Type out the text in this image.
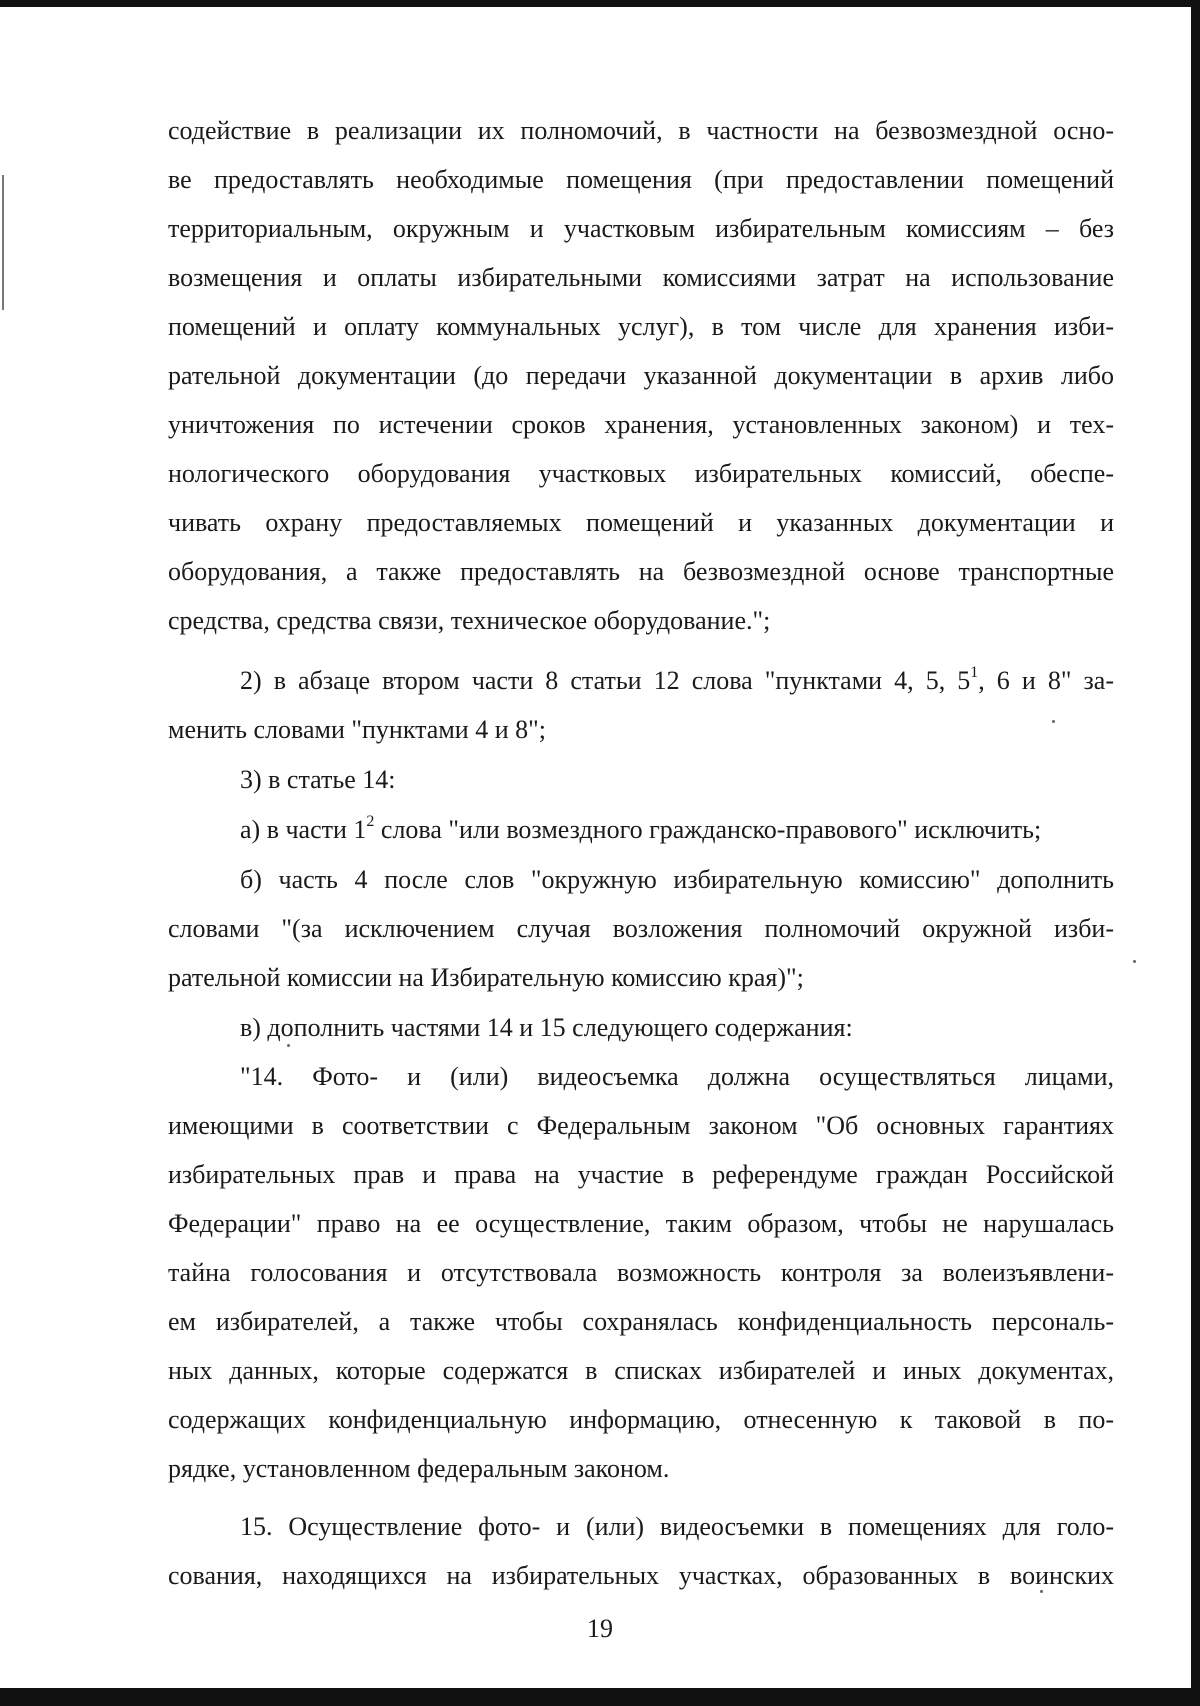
содействие в реализации их полномочий, в частности на безвозмездной осно-
ве предоставлять необходимые помещения (при предоставлении помещений
территориальным, окружным и участковым избирательным комиссиям – без
возмещения и оплаты избирательными комиссиями затрат на использование
помещений и оплату коммунальных услуг), в том числе для хранения изби-
рательной документации (до передачи указанной документации в архив либо
уничтожения по истечении сроков хранения, установленных законом) и тех-
нологического оборудования участковых избирательных комиссий, обеспе-
чивать охрану предоставляемых помещений и указанных документации и
оборудования, а также предоставлять на безвозмездной основе транспортные
средства, средства связи, техническое оборудование.";
2) в абзаце втором части 8 статьи 12 слова "пунктами 4, 5, $5^1$, 6 и 8" за-
менить словами "пунктами 4 и 8";
3) в статье 14:
а) в части $1^2$ слова "или возмездного гражданско-правового" исключить;
б) часть 4 после слов "окружную избирательную комиссию" дополнить
словами "(за исключением случая возложения полномочий окружной изби-
рательной комиссии на Избирательную комиссию края)";
в) дополнить частями 14 и 15 следующего содержания:
"14. Фото- и (или) видеосъемка должна осуществляться лицами,
имеющими в соответствии с Федеральным законом "Об основных гарантиях
избирательных прав и права на участие в референдуме граждан Российской
Федерации" право на ее осуществление, таким образом, чтобы не нарушалась
тайна голосования и отсутствовала возможность контроля за волеизъявлени-
ем избирателей, а также чтобы сохранялась конфиденциальность персональ-
ных данных, которые содержатся в списках избирателей и иных документах,
содержащих конфиденциальную информацию, отнесенную к таковой в по-
рядке, установленном федеральным законом.
15. Осуществление фото- и (или) видеосъемки в помещениях для голо-
сования, находящихся на избирательных участках, образованных в воинских
19
